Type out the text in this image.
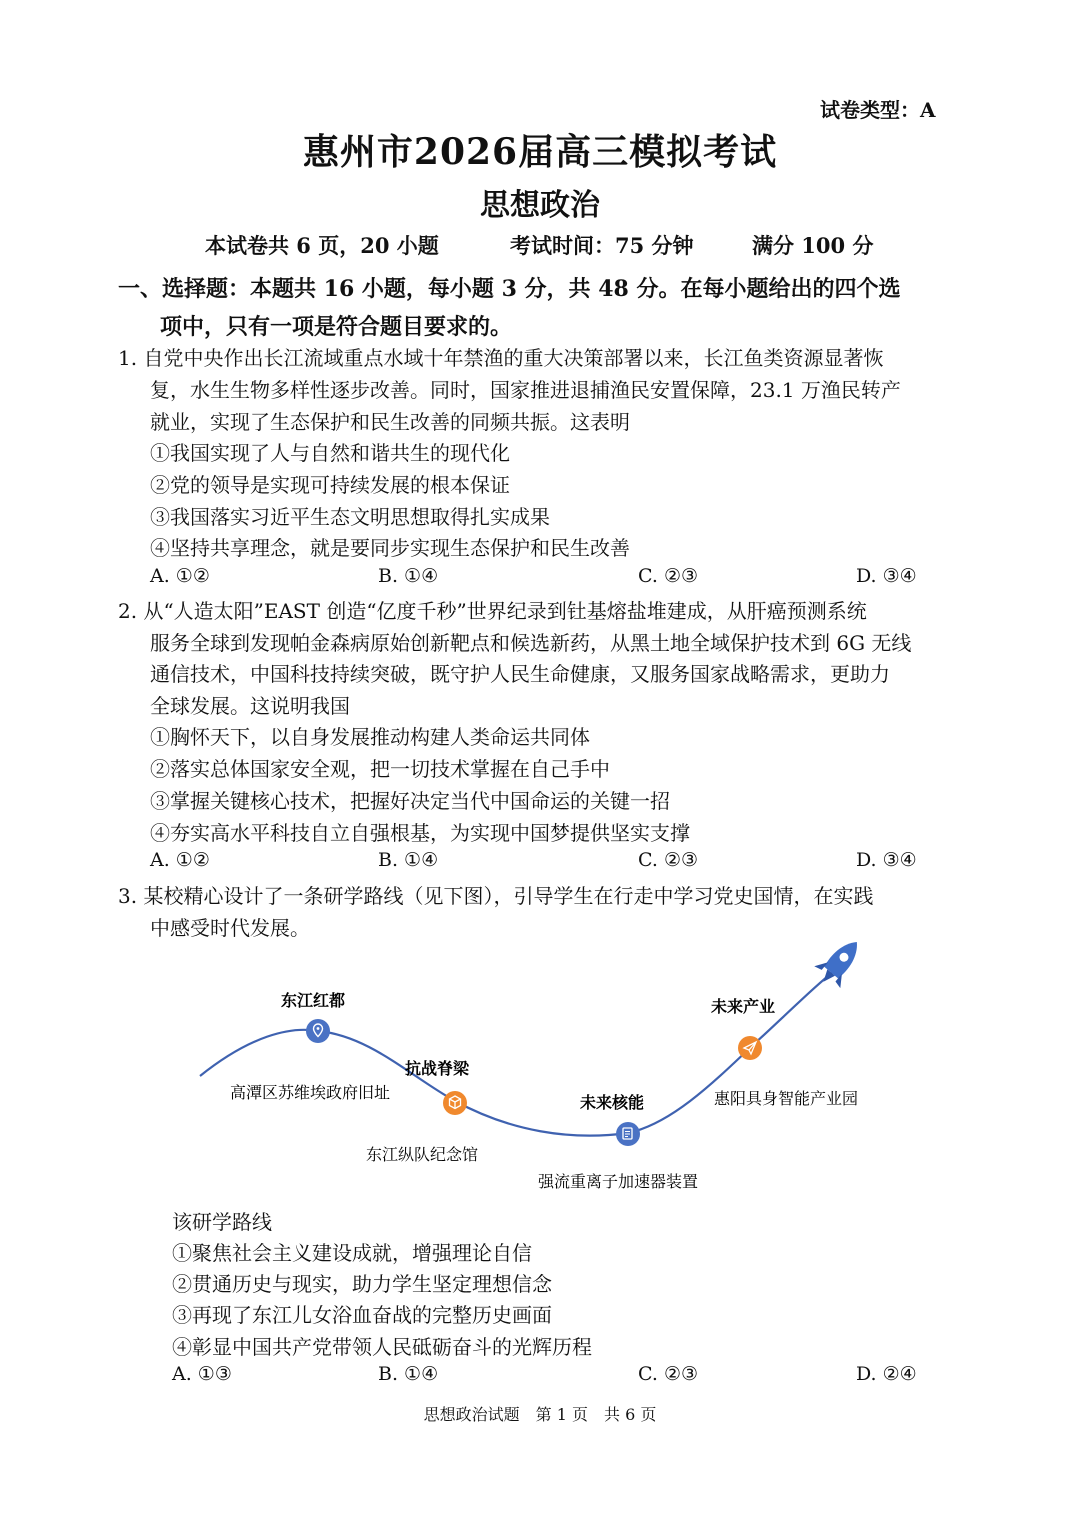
试卷类型：A
惠州市2026届高三模拟考试
思想政治
本试卷共 6 页，20 小题	考试时间：75 分钟	满分 100 分
一、选择题：本题共 16 小题，每小题 3 分，共 48 分。在每小题给出的四个选
项中，只有一项是符合题目要求的。
1. 自党中央作出长江流域重点水域十年禁渔的重大决策部署以来，长江鱼类资源显著恢
复，水生生物多样性逐步改善。同时，国家推进退捕渔民安置保障，23.1 万渔民转产
就业，实现了生态保护和民生改善的同频共振。这表明
①我国实现了人与自然和谐共生的现代化
②党的领导是实现可持续发展的根本保证
③我国落实习近平生态文明思想取得扎实成果
④坚持共享理念，就是要同步实现生态保护和民生改善
A. ①②	B. ①④	C. ②③	D. ③④
2. 从“人造太阳”EAST 创造“亿度千秒”世界纪录到钍基熔盐堆建成，从肝癌预测系统
服务全球到发现帕金森病原始创新靶点和候选新药，从黑土地全域保护技术到 6G 无线
通信技术，中国科技持续突破，既守护人民生命健康，又服务国家战略需求，更助力
全球发展。这说明我国
①胸怀天下，以自身发展推动构建人类命运共同体
②落实总体国家安全观，把一切技术掌握在自己手中
③掌握关键核心技术，把握好决定当代中国命运的关键一招
④夯实高水平科技自立自强根基，为实现中国梦提供坚实支撑
A. ①②	B. ①④	C. ②③	D. ③④
3. 某校精心设计了一条研学路线（见下图），引导学生在行走中学习党史国情，在实践
中感受时代发展。
东江红都
高潭区苏维埃政府旧址
抗战脊梁
东江纵队纪念馆
未来核能
强流重离子加速器装置
未来产业
惠阳具身智能产业园
该研学路线
①聚焦社会主义建设成就，增强理论自信
②贯通历史与现实，助力学生坚定理想信念
③再现了东江儿女浴血奋战的完整历史画面
④彰显中国共产党带领人民砥砺奋斗的光辉历程
A. ①③	B. ①④	C. ②③	D. ②④
思想政治试题　第 1 页　共 6 页
